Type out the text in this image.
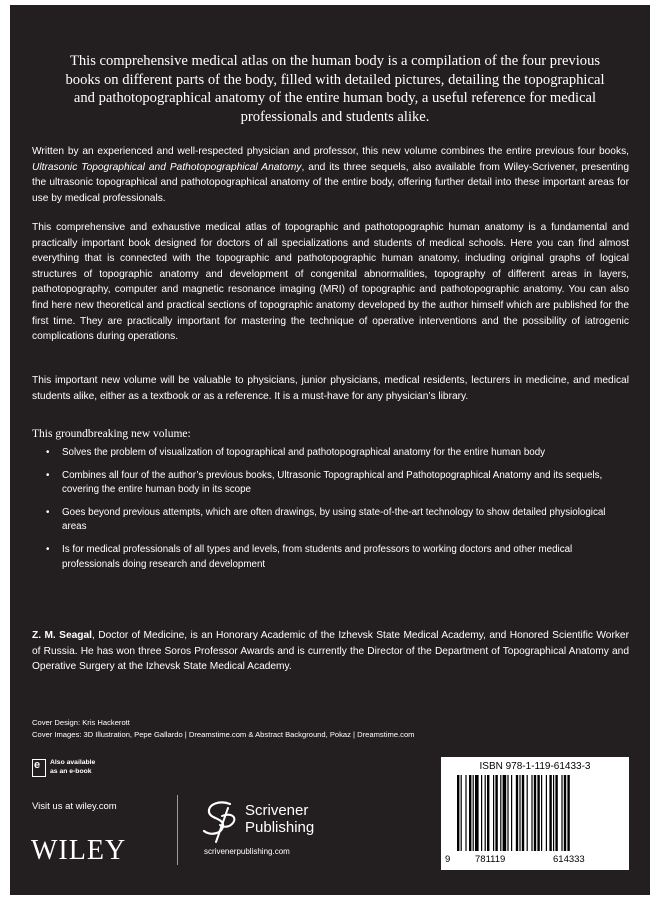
This comprehensive medical atlas on the human body is a compilation of the four previous books on different parts of the body, filled with detailed pictures, detailing the topographical and pathotopographical anatomy of the entire human body, a useful reference for medical professionals and students alike.
Written by an experienced and well-respected physician and professor, this new volume combines the entire previous four books, Ultrasonic Topographical and Pathotopographical Anatomy, and its three sequels, also available from Wiley-Scrivener, presenting the ultrasonic topographical and pathotopographical anatomy of the entire body, offering further detail into these important areas for use by medical professionals.
This comprehensive and exhaustive medical atlas of topographic and pathotopographic human anatomy is a fundamental and practically important book designed for doctors of all specializations and students of medical schools. Here you can find almost everything that is connected with the topographic and pathotopographic human anatomy, including original graphs of logical structures of topographic anatomy and development of congenital abnormalities, topography of different areas in layers, pathotopography, computer and magnetic resonance imaging (MRI) of topographic and pathotopographic anatomy. You can also find here new theoretical and practical sections of topographic anatomy developed by the author himself which are published for the first time. They are practically important for mastering the technique of operative interventions and the possibility of iatrogenic complications during operations.
This important new volume will be valuable to physicians, junior physicians, medical residents, lecturers in medicine, and medical students alike, either as a textbook or as a reference. It is a must-have for any physician’s library.
This groundbreaking new volume:
• Solves the problem of visualization of topographical and pathotopographical anatomy for the entire human body
• Combines all four of the author’s previous books, Ultrasonic Topographical and Pathotopographical Anatomy and its sequels, covering the entire human body in its scope
• Goes beyond previous attempts, which are often drawings, by using state-of-the-art technology to show detailed physiological areas
• Is for medical professionals of all types and levels, from students and professors to working doctors and other medical professionals doing research and development
Z. M. Seagal, Doctor of Medicine, is an Honorary Academic of the Izhevsk State Medical Academy, and Honored Scientific Worker of Russia. He has won three Soros Professor Awards and is currently the Director of the Department of Topographical Anatomy and Operative Surgery at the Izhevsk State Medical Academy.
Cover Design: Kris Hackerott
Cover Images: 3D Illustration, Pepe Gallardo | Dreamstime.com & Abstract Background, Pokaz | Dreamstime.com
e
Also available
as an e-book
Visit us at wiley.com
WILEY
Scrivener
Publishing
scrivenerpublishing.com
ISBN 978-1-119-61433-3
9	781119	614333
